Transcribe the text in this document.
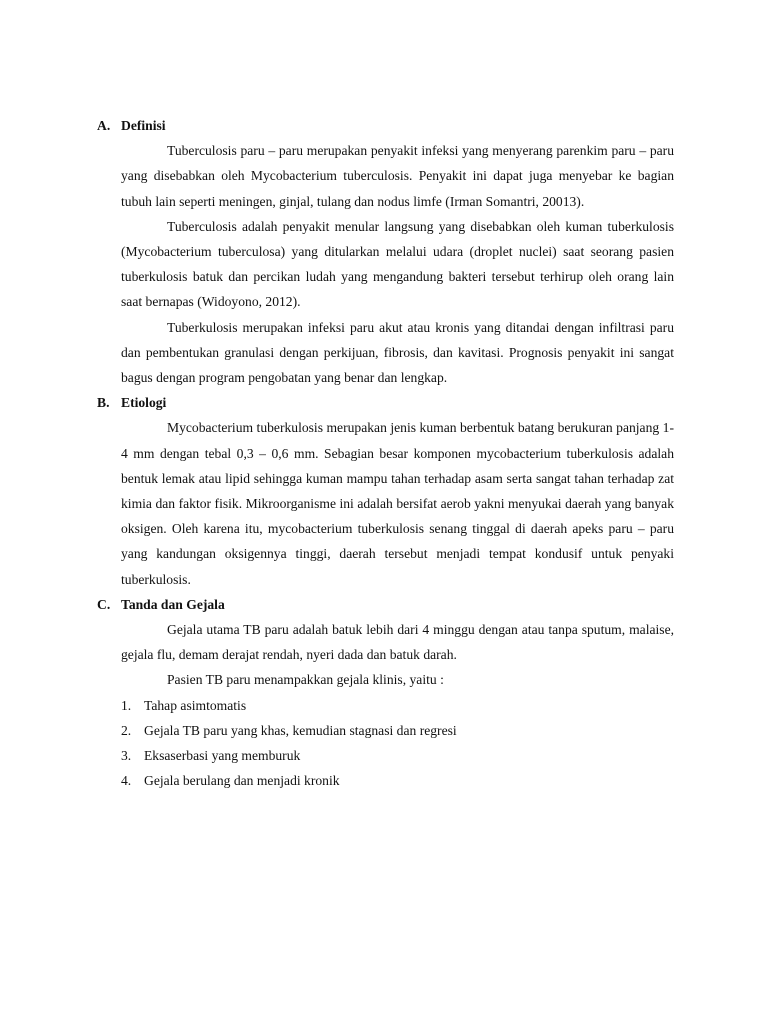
A. Definisi

Tuberculosis paru – paru merupakan penyakit infeksi yang menyerang parenkim paru – paru yang disebabkan oleh Mycobacterium tuberculosis. Penyakit ini dapat juga menyebar ke bagian tubuh lain seperti meningen, ginjal, tulang dan nodus limfe (Irman Somantri, 20013).

Tuberculosis adalah penyakit menular langsung yang disebabkan oleh kuman tuberkulosis (Mycobacterium tuberculosa) yang ditularkan melalui udara (droplet nuclei) saat seorang pasien tuberkulosis batuk dan percikan ludah yang mengandung bakteri tersebut terhirup oleh orang lain saat bernapas (Widoyono, 2012).

Tuberkulosis merupakan infeksi paru akut atau kronis yang ditandai dengan infiltrasi paru dan pembentukan granulasi dengan perkijuan, fibrosis, dan kavitasi. Prognosis penyakit ini sangat bagus dengan program pengobatan yang benar dan lengkap.

B. Etiologi

Mycobacterium tuberkulosis merupakan jenis kuman berbentuk batang berukuran panjang 1-4 mm dengan tebal 0,3 – 0,6 mm. Sebagian besar komponen mycobacterium tuberkulosis adalah bentuk lemak atau lipid sehingga kuman mampu tahan terhadap asam serta sangat tahan terhadap zat kimia dan faktor fisik. Mikroorganisme ini adalah bersifat aerob yakni menyukai daerah yang banyak oksigen. Oleh karena itu, mycobacterium tuberkulosis senang tinggal di daerah apeks paru – paru yang kandungan oksigennya tinggi, daerah tersebut menjadi tempat kondusif untuk penyaki tuberkulosis.

C. Tanda dan Gejala

Gejala utama TB paru adalah batuk lebih dari 4 minggu dengan atau tanpa sputum, malaise, gejala flu, demam derajat rendah, nyeri dada dan batuk darah.

Pasien TB paru menampakkan gejala klinis, yaitu :

1. Tahap asimtomatis
2. Gejala TB paru yang khas, kemudian stagnasi dan regresi
3. Eksaserbasi yang memburuk
4. Gejala berulang dan menjadi kronik
